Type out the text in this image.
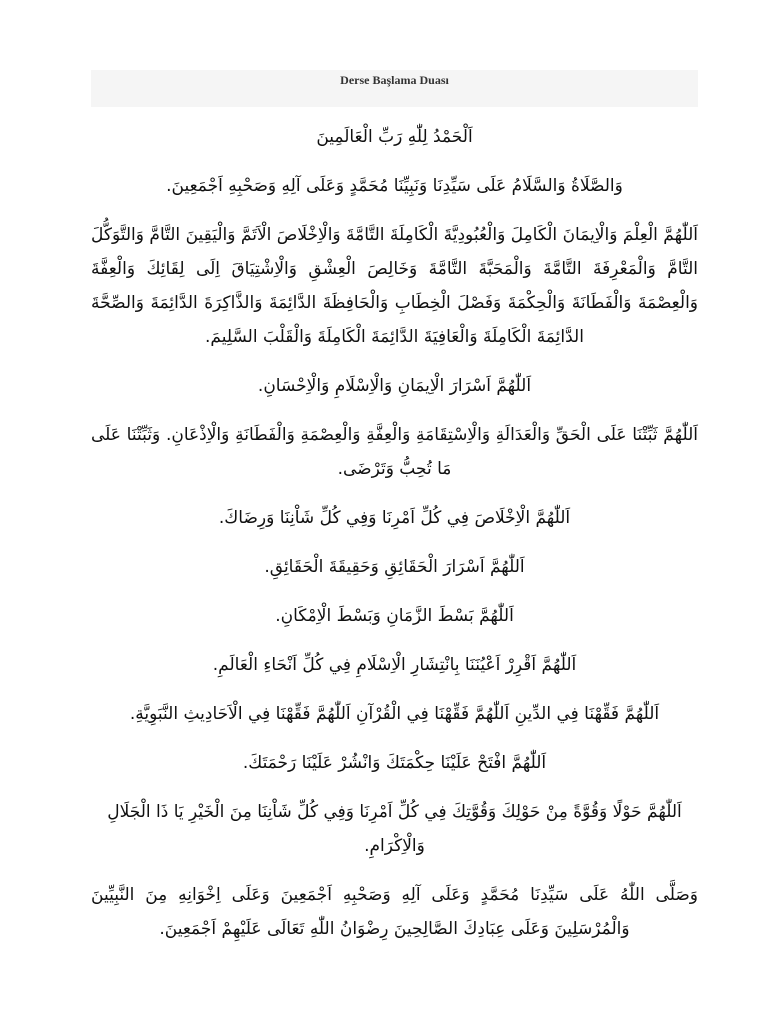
Derse Başlama Duası

اَلْحَمْدُ لِلّٰهِ رَبِّ الْعَالَمِينَ

وَالصَّلَاةُ وَالسَّلَامُ عَلَى سَيِّدِنَا وَنَبِيِّنَا مُحَمَّدٍ وَعَلَى آلِهِ وَصَحْبِهِ اَجْمَعِينَ.

اَللّٰهُمَّ الْعِلْمَ وَالْاِيمَانَ الْكَامِلَ وَالْعُبُودِيَّةَ الْكَامِلَةَ التَّامَّةَ وَالْاِخْلَاصَ الْاَتَمَّ وَالْيَقِينَ التَّامَّ وَالتَّوَكُّلَ التَّامَّ وَالْمَعْرِفَةَ التَّامَّةَ وَالْمَحَبَّةَ التَّامَّةَ وَخَالِصَ الْعِشْقِ وَالْاِشْتِيَاقَ اِلَى لِقَائِكَ وَالْعِفَّةَ وَالْعِصْمَةَ وَالْفَطَانَةَ وَالْحِكْمَةَ وَفَصْلَ الْخِطَابِ وَالْحَافِظَةَ الدَّائِمَةَ وَالذَّاكِرَةَ الدَّائِمَةَ وَالصِّحَّةَ الدَّائِمَةَ الْكَامِلَةَ وَالْعَافِيَةَ الدَّائِمَةَ الْكَامِلَةَ وَالْقَلْبَ السَّلِيمَ.

اَللّٰهُمَّ اَسْرَارَ الْاِيمَانِ وَالْاِسْلَامِ وَالْاِحْسَانِ.

اَللّٰهُمَّ ثَبِّتْنَا عَلَى الْحَقِّ وَالْعَدَالَةِ وَالْاِسْتِقَامَةِ وَالْعِفَّةِ وَالْعِصْمَةِ وَالْفَطَانَةِ وَالْاِذْعَانِ. وَثَبِّتْنَا عَلَى مَا تُحِبُّ وَتَرْضَى.

اَللّٰهُمَّ الْاِخْلَاصَ فِي كُلِّ اَمْرِنَا وَفِي كُلِّ شَاْنِنَا وَرِضَاكَ.

اَللّٰهُمَّ اَسْرَارَ الْحَقَائِقِ وَحَقِيقَةَ الْحَقَائِقِ.

اَللّٰهُمَّ بَسْطَ الزَّمَانِ وَبَسْطَ الْاِمْكَانِ.

اَللّٰهُمَّ اَقْرِرْ اَعْيُنَنَا بِانْتِشَارِ الْاِسْلَامِ فِي كُلِّ اَنْحَاءِ الْعَالَمِ.

اَللّٰهُمَّ فَقِّهْنَا فِي الدِّينِ اَللّٰهُمَّ فَقِّهْنَا فِي الْقُرْآنِ اَللّٰهُمَّ فَقِّهْنَا فِي الْاَحَادِيثِ النَّبَوِيَّةِ.

اَللّٰهُمَّ افْتَحْ عَلَيْنَا حِكْمَتَكَ وَانْشُرْ عَلَيْنَا رَحْمَتَكَ.

اَللّٰهُمَّ حَوْلًا وَقُوَّةً مِنْ حَوْلِكَ وَقُوَّتِكَ فِي كُلِّ اَمْرِنَا وَفِي كُلِّ شَاْنِنَا مِنَ الْخَيْرِ يَا ذَا الْجَلَالِ وَالْاِكْرَامِ.

وَصَلَّى اللّٰهُ عَلَى سَيِّدِنَا مُحَمَّدٍ وَعَلَى آلِهِ وَصَحْبِهِ اَجْمَعِينَ وَعَلَى اِخْوَانِهِ مِنَ النَّبِيِّينَ وَالْمُرْسَلِينَ وَعَلَى عِبَادِكَ الصَّالِحِينَ رِضْوَانُ اللّٰهِ تَعَالَى عَلَيْهِمْ اَجْمَعِينَ.
